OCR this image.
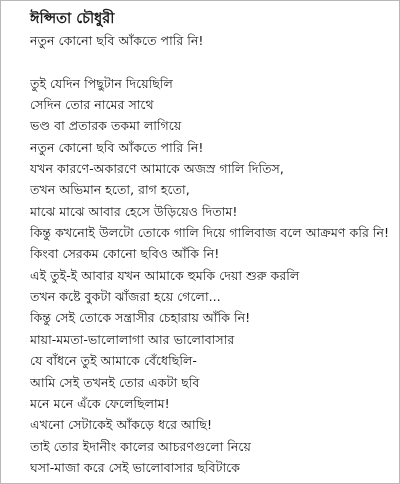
ঈপ্সিতা চৌধুরী
নতুন কোনো ছবি আঁকতে পারি নি!
তুই যেদিন পিছুটান দিয়েছিলি
সেদিন তোর নামের সাথে
ভণ্ড বা প্রতারক তকমা লাগিয়ে
নতুন কোনো ছবি আঁকতে পারি নি!
যখন কারণে-অকারণে আমাকে অজস্র গালি দিতিস,
তখন অভিমান হতো, রাগ হতো,
মাঝে মাঝে আবার হেসে উড়িয়েও দিতাম!
কিন্তু কখনোই উলটো তোকে গালি দিয়ে গালিবাজ বলে আক্রমণ করি নি!
কিংবা সেরকম কোনো ছবিও আঁকি নি!
এই তুই-ই আবার যখন আমাকে হুমকি দেয়া শুরু করলি
তখন কষ্টে বুকটা ঝাঁজরা হয়ে গেলো...
কিন্তু সেই তোকে সন্ত্রাসীর চেহারায় আঁকি নি!
মায়া-মমতা-ভালোলাগা আর ভালোবাসার
যে বাঁধনে তুই আমাকে বেঁধেছিলি-
আমি সেই তখনই তোর একটা ছবি
মনে মনে এঁকে ফেলেছিলাম!
এখনো সেটাকেই আঁকড়ে ধরে আছি!
তাই তোর ইদানীং কালের আচরণগুলো নিয়ে
ঘসা-মাজা করে সেই ভালোবাসার ছবিটাকে
